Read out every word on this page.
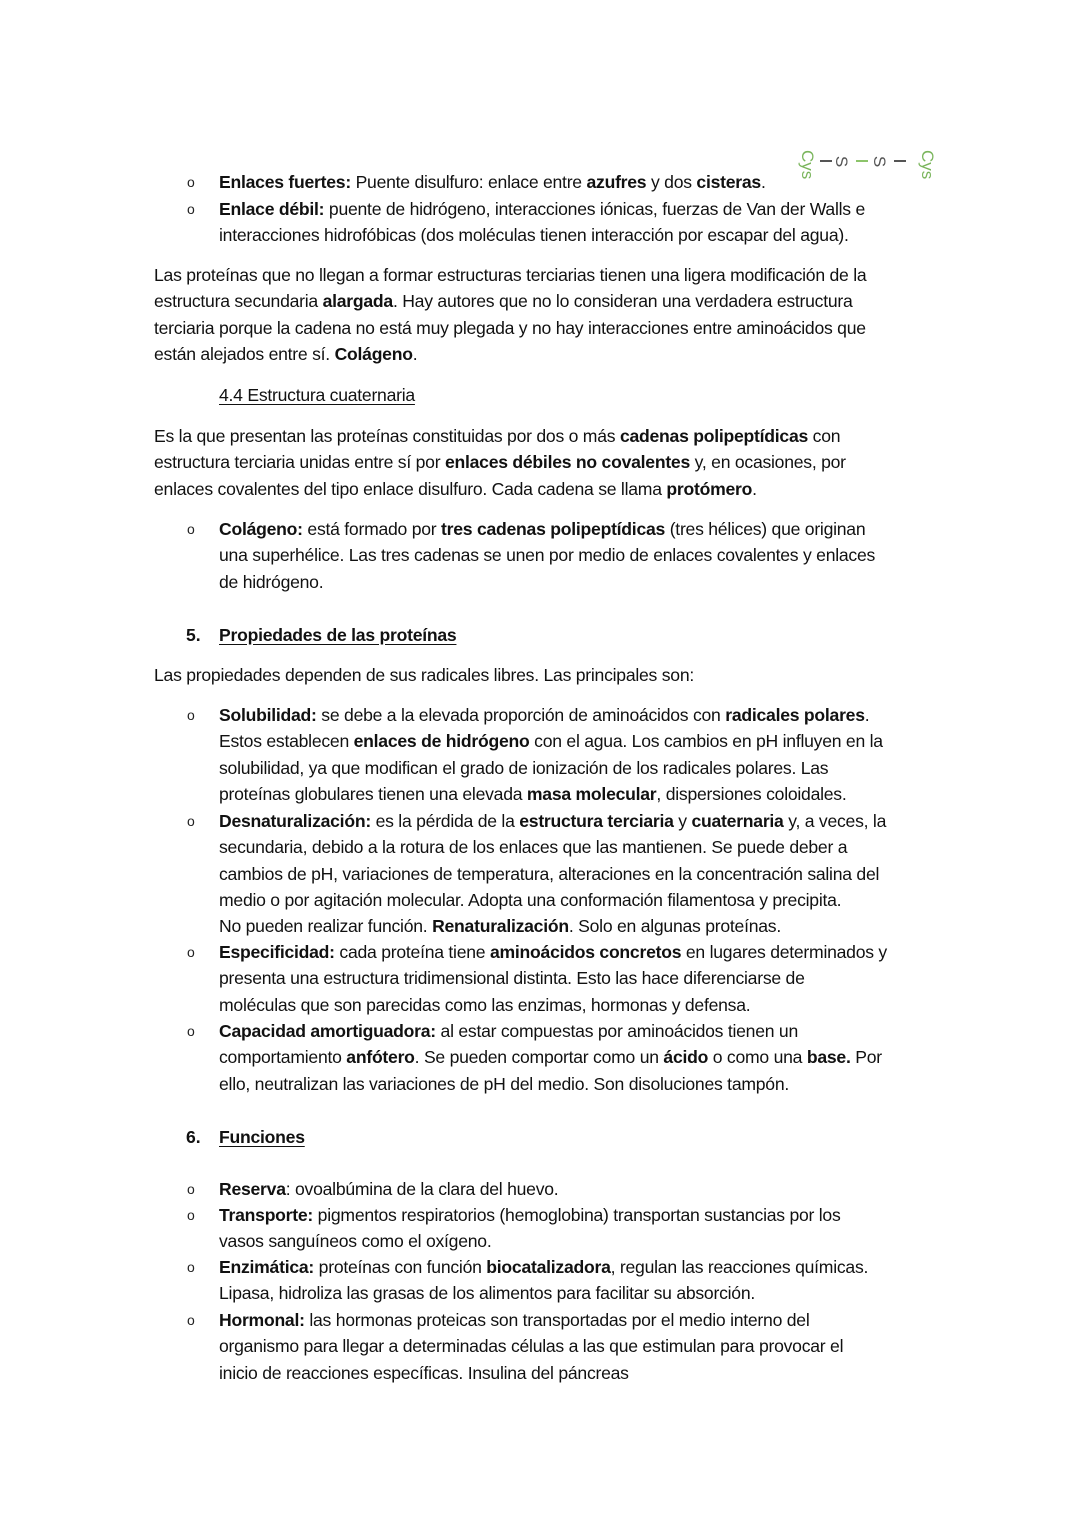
Cys S S Cys
o Enlaces fuertes: Puente disulfuro: enlace entre azufres y dos cisteras.
o Enlace débil: puente de hidrógeno, interacciones iónicas, fuerzas de Van der Walls e
interacciones hidrofóbicas (dos moléculas tienen interacción por escapar del agua).
Las proteínas que no llegan a formar estructuras terciarias tienen una ligera modificación de la
estructura secundaria alargada. Hay autores que no lo consideran una verdadera estructura
terciaria porque la cadena no está muy plegada y no hay interacciones entre aminoácidos que
están alejados entre sí. Colágeno.
4.4 Estructura cuaternaria
Es la que presentan las proteínas constituidas por dos o más cadenas polipeptídicas con
estructura terciaria unidas entre sí por enlaces débiles no covalentes y, en ocasiones, por
enlaces covalentes del tipo enlace disulfuro. Cada cadena se llama protómero.
o Colágeno: está formado por tres cadenas polipeptídicas (tres hélices) que originan
una superhélice. Las tres cadenas se unen por medio de enlaces covalentes y enlaces
de hidrógeno.
5. Propiedades de las proteínas
Las propiedades dependen de sus radicales libres. Las principales son:
o Solubilidad: se debe a la elevada proporción de aminoácidos con radicales polares.
Estos establecen enlaces de hidrógeno con el agua. Los cambios en pH influyen en la
solubilidad, ya que modifican el grado de ionización de los radicales polares. Las
proteínas globulares tienen una elevada masa molecular, dispersiones coloidales.
o Desnaturalización: es la pérdida de la estructura terciaria y cuaternaria y, a veces, la
secundaria, debido a la rotura de los enlaces que las mantienen. Se puede deber a
cambios de pH, variaciones de temperatura, alteraciones en la concentración salina del
medio o por agitación molecular. Adopta una conformación filamentosa y precipita.
No pueden realizar función. Renaturalización. Solo en algunas proteínas.
o Especificidad: cada proteína tiene aminoácidos concretos en lugares determinados y
presenta una estructura tridimensional distinta. Esto las hace diferenciarse de
moléculas que son parecidas como las enzimas, hormonas y defensa.
o Capacidad amortiguadora: al estar compuestas por aminoácidos tienen un
comportamiento anfótero. Se pueden comportar como un ácido o como una base. Por
ello, neutralizan las variaciones de pH del medio. Son disoluciones tampón.
6. Funciones
o Reserva: ovoalbúmina de la clara del huevo.
o Transporte: pigmentos respiratorios (hemoglobina) transportan sustancias por los
vasos sanguíneos como el oxígeno.
o Enzimática: proteínas con función biocatalizadora, regulan las reacciones químicas.
Lipasa, hidroliza las grasas de los alimentos para facilitar su absorción.
o Hormonal: las hormonas proteicas son transportadas por el medio interno del
organismo para llegar a determinadas células a las que estimulan para provocar el
inicio de reacciones específicas. Insulina del páncreas
